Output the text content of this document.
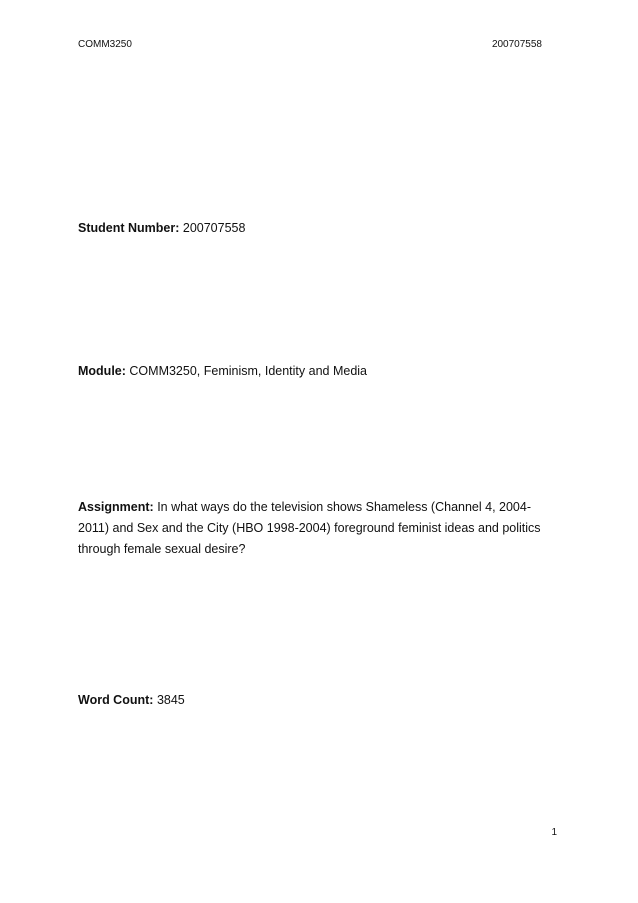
COMM3250	200707558
Student Number: 200707558
Module: COMM3250, Feminism, Identity and Media
Assignment: In what ways do the television shows Shameless (Channel 4, 2004-2011) and Sex and the City (HBO 1998-2004) foreground feminist ideas and politics through female sexual desire?
Word Count: 3845
1
